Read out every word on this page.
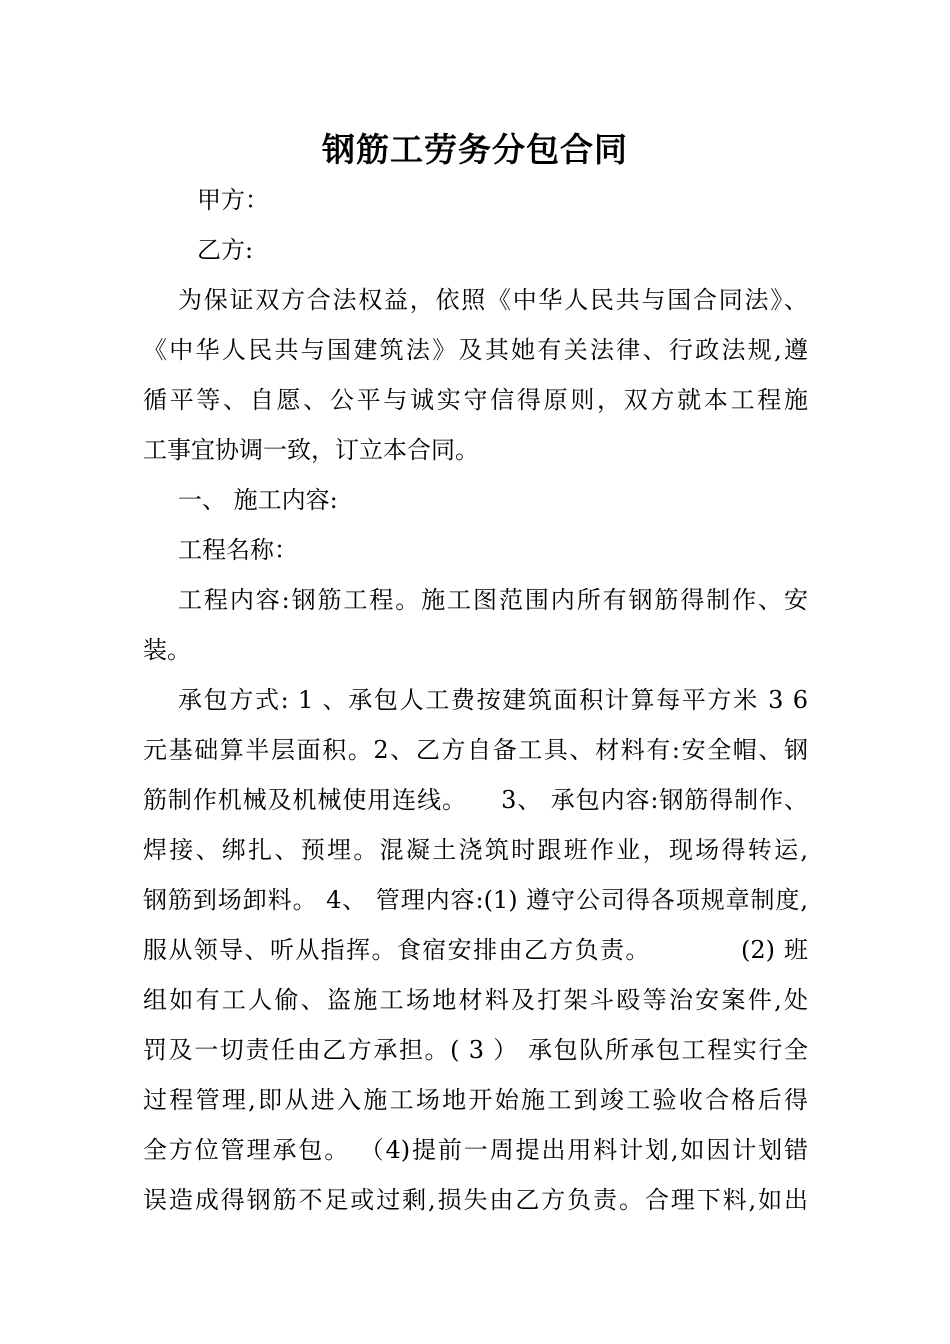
钢筋工劳务分包合同
甲方：
乙方:
为保证双方合法权益，依照《中华人民共与国合同法》、
《中华人民共与国建筑法》及其她有关法律、行政法规,遵
循平等、自愿、公平与诚实守信得原则，双方就本工程施
工事宜协调一致，订立本合同。
一、 施工内容:
工程名称：
工程内容:钢筋工程。施工图范围内所有钢筋得制作、安
装。
承包方式: 1 、承包人工费按建筑面积计算每平方米 3 6
元基础算半层面积。2、乙方自备工具、材料有:安全帽、钢
筋制作机械及机械使用连线。    3、 承包内容:钢筋得制作、
焊接、绑扎、预埋。混凝土浇筑时跟班作业，现场得转运,
钢筋到场卸料。 4、 管理内容:(1) 遵守公司得各项规章制度,
服从领导、听从指挥。食宿安排由乙方负责。          (2) 班
组如有工人偷、盗施工场地材料及打架斗殴等治安案件,处
罚及一切责任由乙方承担。( 3 ） 承包队所承包工程实行全
过程管理,即从进入施工场地开始施工到竣工验收合格后得
全方位管理承包。 （4)提前一周提出用料计划,如因计划错
误造成得钢筋不足或过剩,损失由乙方负责。合理下料,如出
